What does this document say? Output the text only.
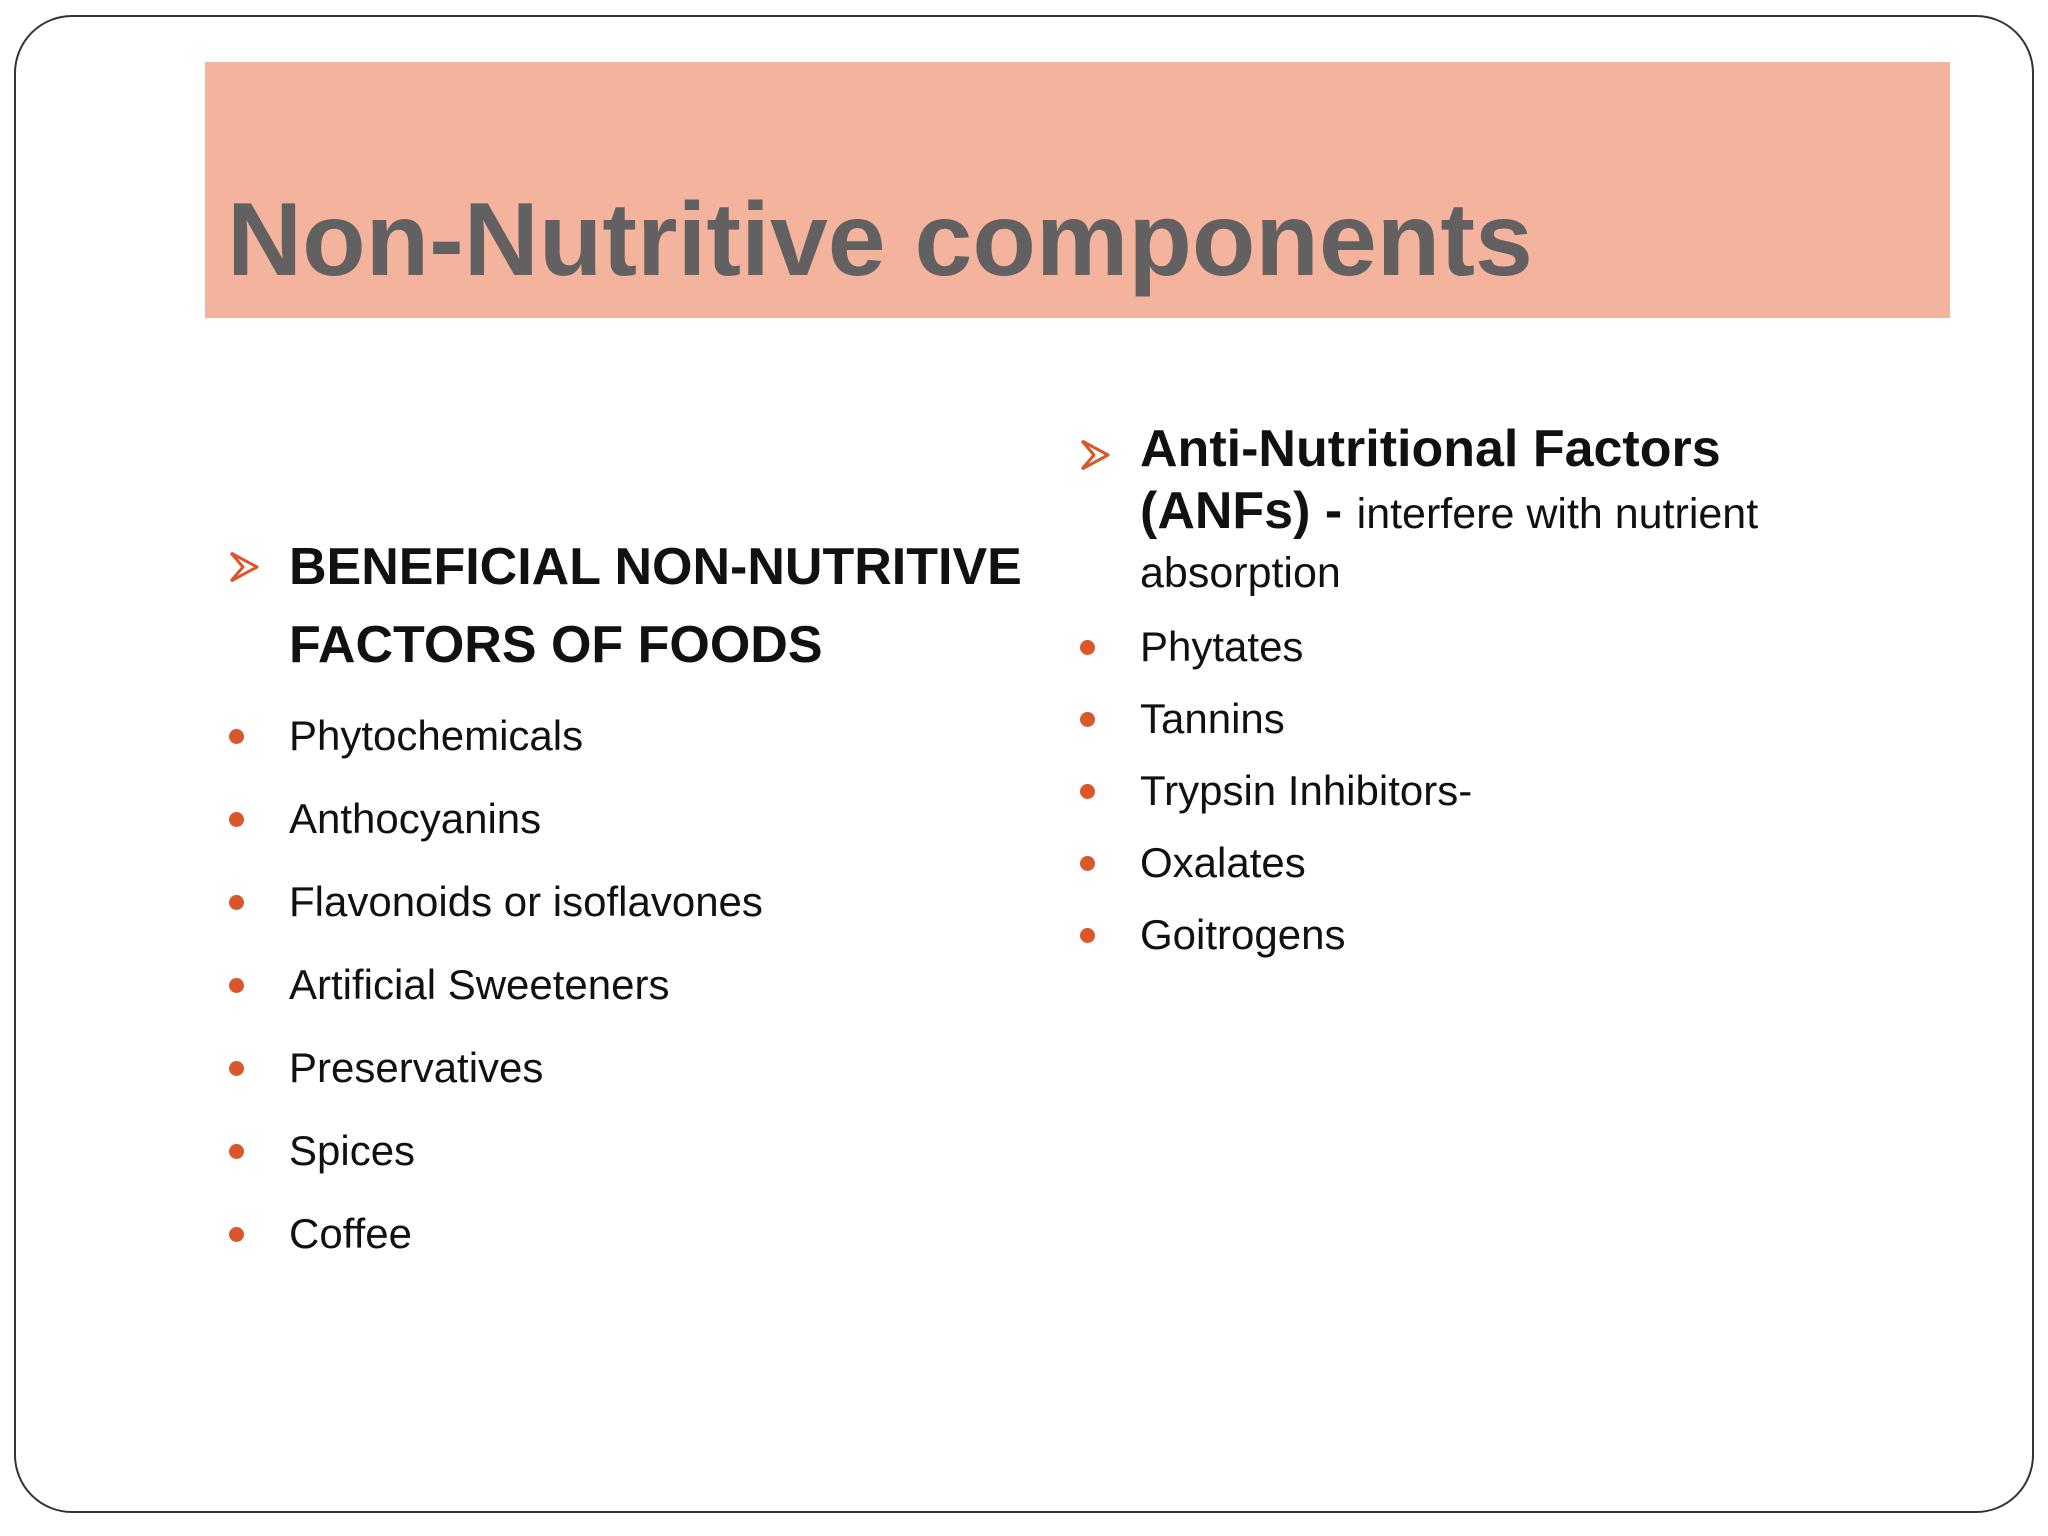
Non-Nutritive components
BENEFICIAL NON-NUTRITIVE
FACTORS OF FOODS
Phytochemicals
Anthocyanins
Flavonoids or isoflavones
Artificial Sweeteners
Preservatives
Spices
Coffee
Anti-Nutritional Factors
(ANFs) - interfere with nutrient
absorption
Phytates
Tannins
Trypsin Inhibitors-
Oxalates
Goitrogens
